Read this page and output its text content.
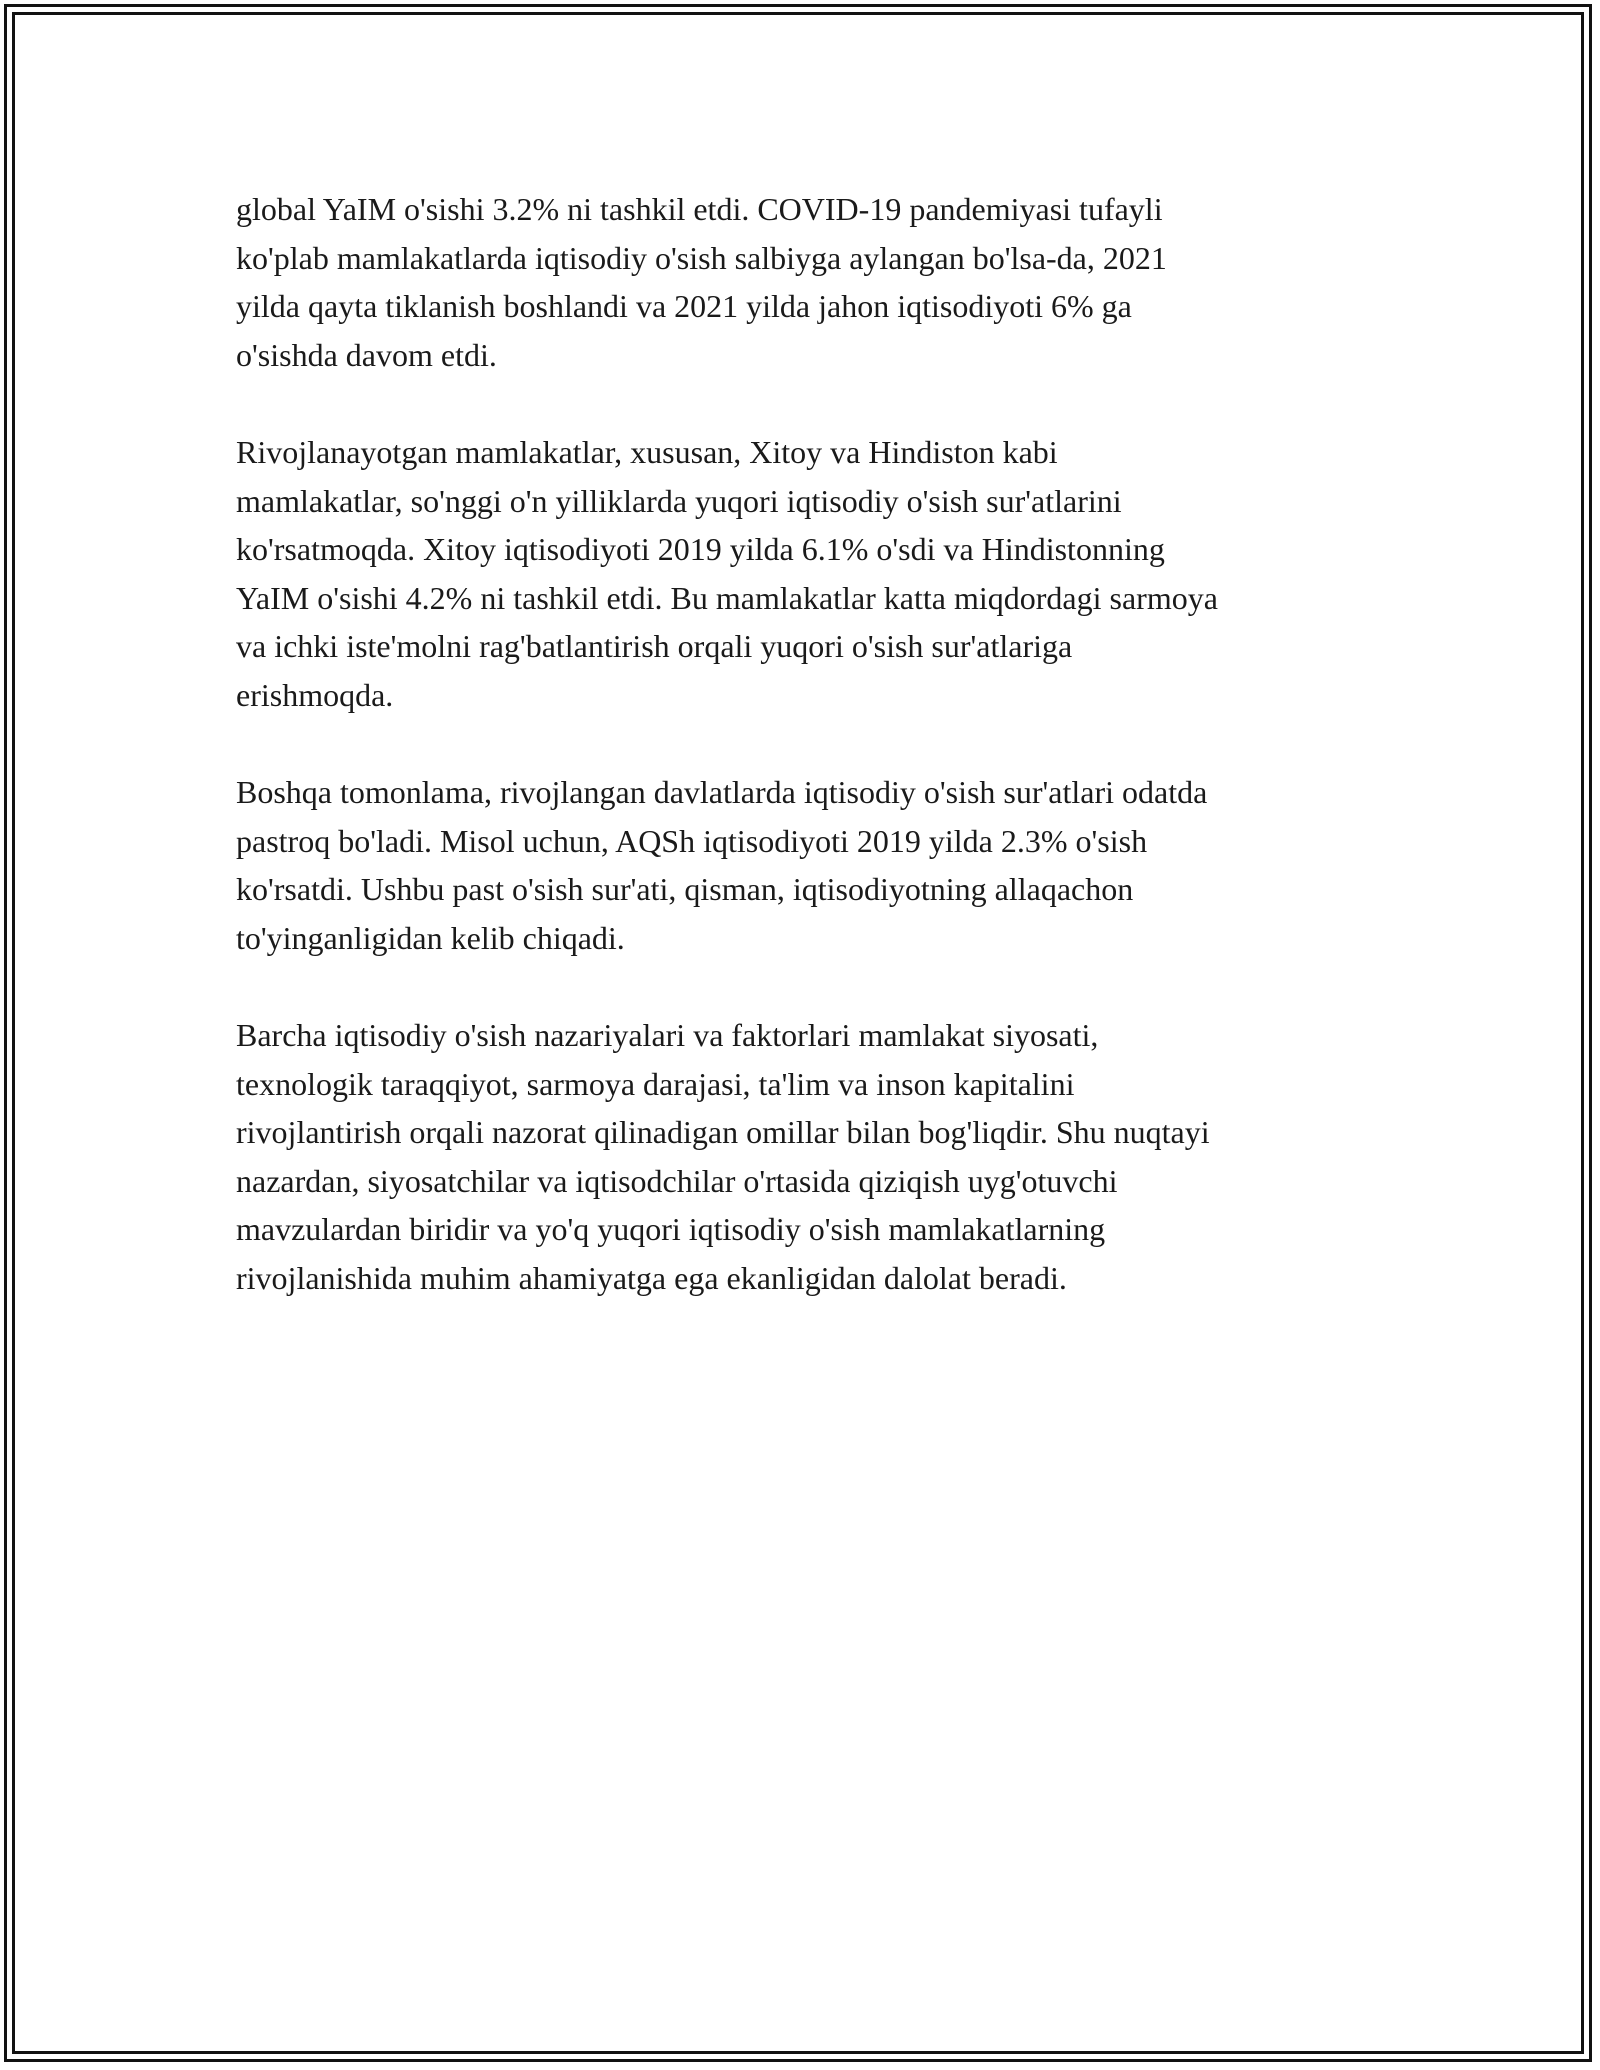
global YaIM o'sishi 3.2% ni tashkil etdi. COVID-19 pandemiyasi tufayli
ko'plab mamlakatlarda iqtisodiy o'sish salbiyga aylangan bo'lsa-da, 2021
yilda qayta tiklanish boshlandi va 2021 yilda jahon iqtisodiyoti 6% ga
o'sishda davom etdi.

Rivojlanayotgan mamlakatlar, xususan, Xitoy va Hindiston kabi
mamlakatlar, so'nggi o'n yilliklarda yuqori iqtisodiy o'sish sur'atlarini
ko'rsatmoqda. Xitoy iqtisodiyoti 2019 yilda 6.1% o'sdi va Hindistonning
YaIM o'sishi 4.2% ni tashkil etdi. Bu mamlakatlar katta miqdordagi sarmoya
va ichki iste'molni rag'batlantirish orqali yuqori o'sish sur'atlariga
erishmoqda.

Boshqa tomonlama, rivojlangan davlatlarda iqtisodiy o'sish sur'atlari odatda
pastroq bo'ladi. Misol uchun, AQSh iqtisodiyoti 2019 yilda 2.3% o'sish
ko'rsatdi. Ushbu past o'sish sur'ati, qisman, iqtisodiyotning allaqachon
to'yinganligidan kelib chiqadi.

Barcha iqtisodiy o'sish nazariyalari va faktorlari mamlakat siyosati,
texnologik taraqqiyot, sarmoya darajasi, ta'lim va inson kapitalini
rivojlantirish orqali nazorat qilinadigan omillar bilan bog'liqdir. Shu nuqtayi
nazardan, siyosatchilar va iqtisodchilar o'rtasida qiziqish uyg'otuvchi
mavzulardan biridir va yo'q yuqori iqtisodiy o'sish mamlakatlarning
rivojlanishida muhim ahamiyatga ega ekanligidan dalolat beradi.
